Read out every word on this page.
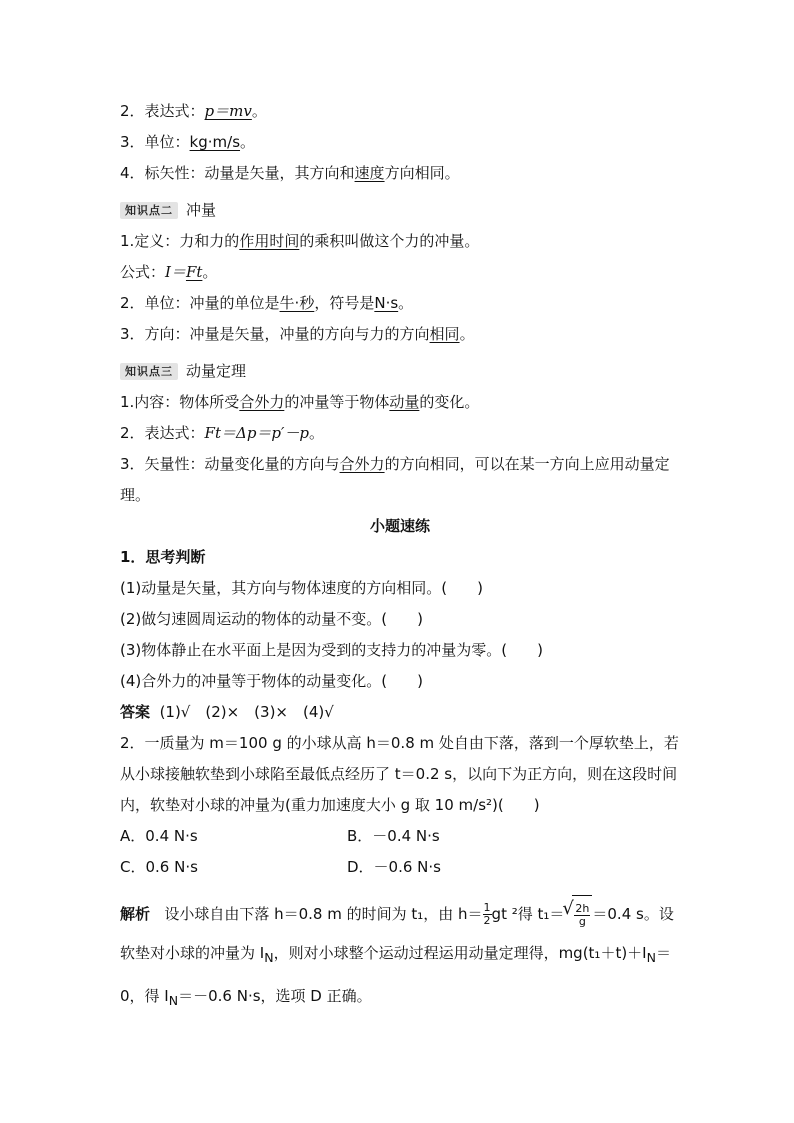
2．表达式：p＝mv。
3．单位：kg·m/s。
4．标矢性：动量是矢量，其方向和速度方向相同。
知识点二 冲量
1.定义：力和力的作用时间的乘积叫做这个力的冲量。
公式：I＝Ft。
2．单位：冲量的单位是牛·秒，符号是N·s。
3．方向：冲量是矢量，冲量的方向与力的方向相同。
知识点三 动量定理
1.内容：物体所受合外力的冲量等于物体动量的变化。
2．表达式：Ft＝Δp＝p′－p。
3．矢量性：动量变化量的方向与合外力的方向相同，可以在某一方向上应用动量定理。
小题速练
1．思考判断
(1)动量是矢量，其方向与物体速度的方向相同。(　　)
(2)做匀速圆周运动的物体的动量不变。(　　)
(3)物体静止在水平面上是因为受到的支持力的冲量为零。(　　)
(4)合外力的冲量等于物体的动量变化。(　　)
答案 (1)√　(2)×　(3)×　(4)√
2．一质量为 m＝100 g 的小球从高 h＝0.8 m 处自由下落，落到一个厚软垫上，若从小球接触软垫到小球陷至最低点经历了 t＝0.2 s，以向下为正方向，则在这段时间内，软垫对小球的冲量为(重力加速度大小 g 取 10 m/s²)(　　)
A．0.4 N·s	B．－0.4 N·s
C．0.6 N·s	D．－0.6 N·s
解析 设小球自由下落 h＝0.8 m 的时间为 t₁，由 $h= \frac{1}{2}$ gt ²得 t₁＝
√ $\frac{2h}{g} =0.4$ s。设软垫对小球的冲量为 $I_N$，则对小球整个运动过程运用动量定理得，$mg(t_1+t)+I_N=0$，得 $I_N=-0.6$ N·s，选项 D 正确。
